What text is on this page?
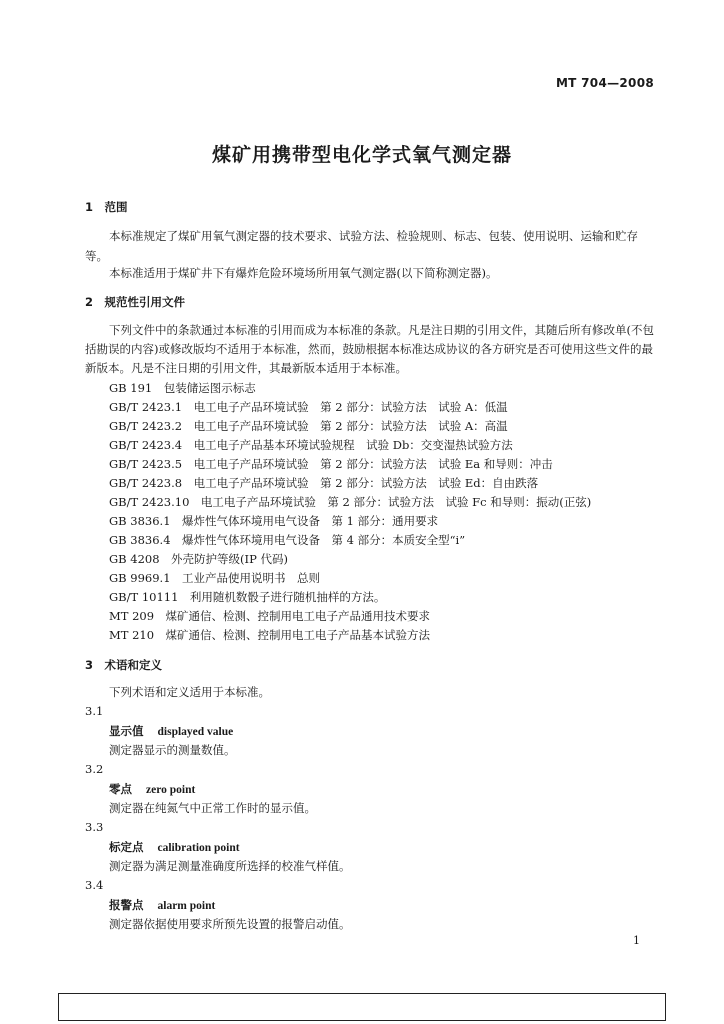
MT 704—2008
煤矿用携带型电化学式氧气测定器
1　范围
本标准规定了煤矿用氧气测定器的技术要求、试验方法、检验规则、标志、包装、使用说明、运输和贮存等。
本标准适用于煤矿井下有爆炸危险环境场所用氧气测定器(以下简称测定器)。
2　规范性引用文件
下列文件中的条款通过本标准的引用而成为本标准的条款。凡是注日期的引用文件，其随后所有修改单(不包括勘误的内容)或修改版均不适用于本标准，然而，鼓励根据本标准达成协议的各方研究是否可使用这些文件的最新版本。凡是不注日期的引用文件，其最新版本适用于本标准。
GB 191　包装储运图示标志
GB/T 2423.1　电工电子产品环境试验　第 2 部分：试验方法　试验 A：低温
GB/T 2423.2　电工电子产品环境试验　第 2 部分：试验方法　试验 A：高温
GB/T 2423.4　电工电子产品基本环境试验规程　试验 Db：交变湿热试验方法
GB/T 2423.5　电工电子产品环境试验　第 2 部分：试验方法　试验 Ea 和导则：冲击
GB/T 2423.8　电工电子产品环境试验　第 2 部分：试验方法　试验 Ed：自由跌落
GB/T 2423.10　电工电子产品环境试验　第 2 部分：试验方法　试验 Fc 和导则：振动(正弦)
GB 3836.1　爆炸性气体环境用电气设备　第 1 部分：通用要求
GB 3836.4　爆炸性气体环境用电气设备　第 4 部分：本质安全型“i”
GB 4208　外壳防护等级(IP 代码)
GB 9969.1　工业产品使用说明书　总则
GB/T 10111　利用随机数骰子进行随机抽样的方法。
MT 209　煤矿通信、检测、控制用电工电子产品通用技术要求
MT 210　煤矿通信、检测、控制用电工电子产品基本试验方法
3　术语和定义
下列术语和定义适用于本标准。
3.1
显示值 displayed value
测定器显示的测量数值。
3.2
零点 zero point
测定器在纯氮气中正常工作时的显示值。
3.3
标定点 calibration point
测定器为满足测量准确度所选择的校准气样值。
3.4
报警点 alarm point
测定器依据使用要求所预先设置的报警启动值。
1
